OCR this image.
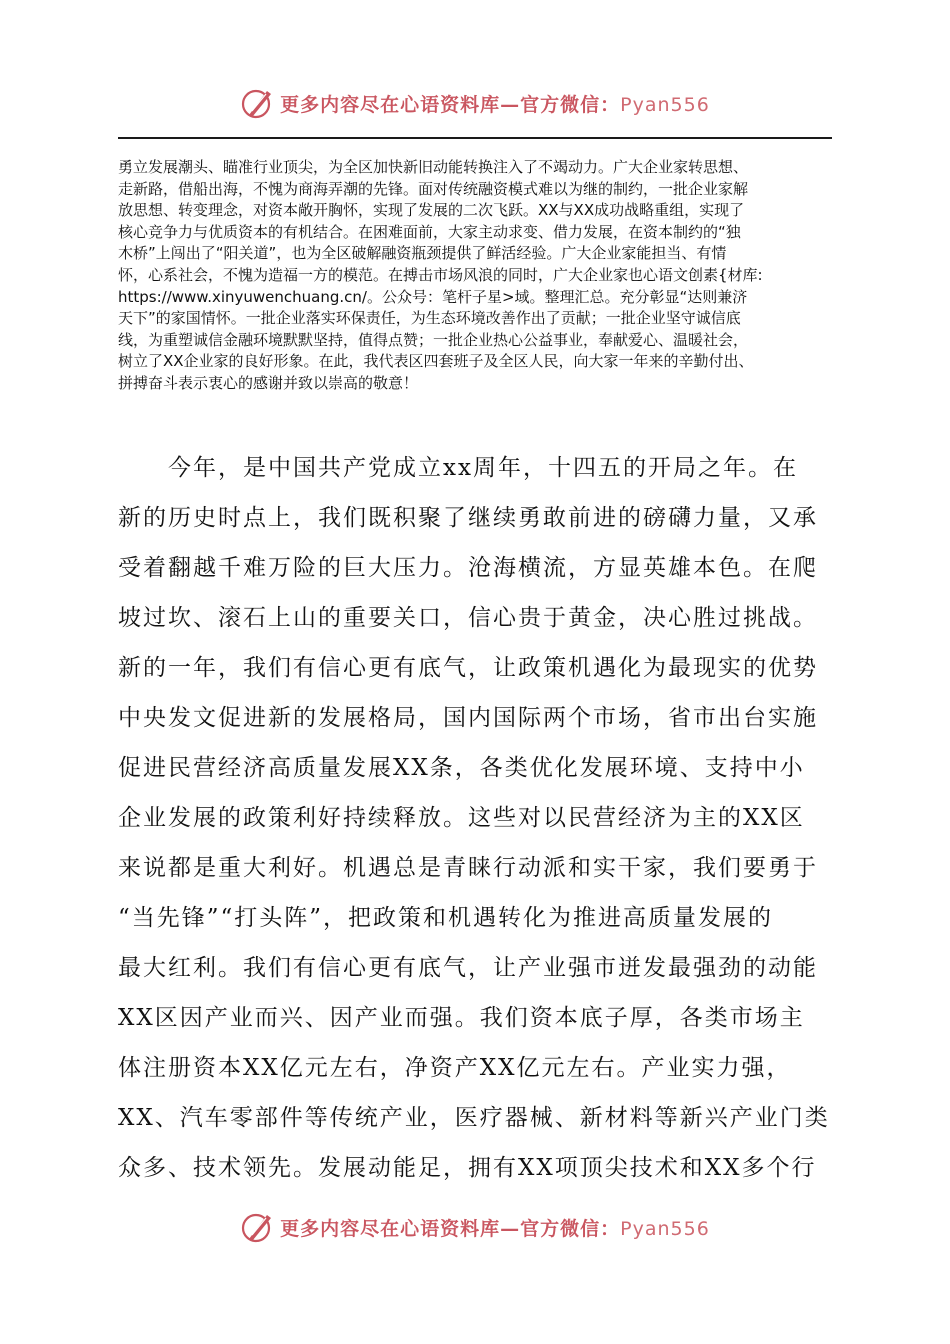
更多内容尽在心语资料库—官方微信：Pyan556

勇立发展潮头、瞄准行业顶尖，为全区加快新旧动能转换注入了不竭动力。广大企业家转思想、
走新路，借船出海，不愧为商海弄潮的先锋。面对传统融资模式难以为继的制约，一批企业家解
放思想、转变理念，对资本敞开胸怀，实现了发展的二次飞跃。XX与XX成功战略重组，实现了
核心竞争力与优质资本的有机结合。在困难面前，大家主动求变、借力发展，在资本制约的“独
木桥”上闯出了“阳关道”，也为全区破解融资瓶颈提供了鲜活经验。广大企业家能担当、有情
怀，心系社会，不愧为造福一方的模范。在搏击市场风浪的同时，广大企业家也心语文创素{材库:
https://www.xinyuwenchuang.cn/。公众号：笔杆子星>域。整理汇总。充分彰显“达则兼济
天下”的家国情怀。一批企业落实环保责任，为生态环境改善作出了贡献；一批企业坚守诚信底
线，为重塑诚信金融环境默默坚持，值得点赞；一批企业热心公益事业，奉献爱心、温暖社会，
树立了XX企业家的良好形象。在此，我代表区四套班子及全区人民，向大家一年来的辛勤付出、
拼搏奋斗表示衷心的感谢并致以崇高的敬意！

　　今年，是中国共产党成立xx周年，十四五的开局之年。在
新的历史时点上，我们既积聚了继续勇敢前进的磅礴力量，又承
受着翻越千难万险的巨大压力。沧海横流，方显英雄本色。在爬
坡过坎、滚石上山的重要关口，信心贵于黄金，决心胜过挑战。
新的一年，我们有信心更有底气，让政策机遇化为最现实的优势
中央发文促进新的发展格局，国内国际两个市场，省市出台实施
促进民营经济高质量发展XX条，各类优化发展环境、支持中小
企业发展的政策利好持续释放。这些对以民营经济为主的XX区
来说都是重大利好。机遇总是青睐行动派和实干家，我们要勇于
“当先锋”“打头阵”，把政策和机遇转化为推进高质量发展的
最大红利。我们有信心更有底气，让产业强市迸发最强劲的动能
XX区因产业而兴、因产业而强。我们资本底子厚，各类市场主
体注册资本XX亿元左右，净资产XX亿元左右。产业实力强，
XX、汽车零部件等传统产业，医疗器械、新材料等新兴产业门类
众多、技术领先。发展动能足，拥有XX项顶尖技术和XX多个行

更多内容尽在心语资料库—官方微信：Pyan556
